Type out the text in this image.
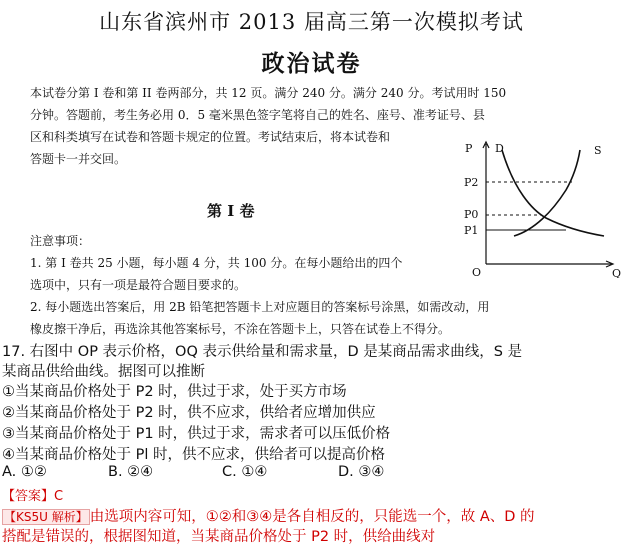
山东省滨州市 2013 届高三第一次模拟考试
政治试卷
本试卷分第 I 卷和第 II 卷两部分，共 12 页。满分 240 分。满分 240 分。考试用时 150
分钟。答题前，考生务必用 0．5 毫米黑色签字笔将自己的姓名、座号、准考证号、县
区和科类填写在试卷和答题卡规定的位置。考试结束后，将本试卷和
答题卡一并交回。
第 I 卷
注意事项：
1. 第 I 卷共 25 小题，每小题 4 分，共 100 分。在每小题给出的四个
选项中，只有一项是最符合题目要求的。
2. 每小题选出答案后，用 2B 铅笔把答题卡上对应题目的答案标号涂黑，如需改动，用
橡皮擦干净后，再选涂其他答案标号，不涂在答题卡上，只答在试卷上不得分。
P D	S
P2
P0
P1
O	Q
17. 右图中 OP 表示价格，OQ 表示供给量和需求量，D 是某商品需求曲线，S 是
某商品供给曲线。据图可以推断
①当某商品价格处于 P2 时，供过于求，处于买方市场
②当某商品价格处于 P2 时，供不应求，供给者应增加供应
③当某商品价格处于 P1 时，供过于求，需求者可以压低价格
④当某商品价格处于 Pl 时，供不应求，供给者可以提高价格
A. ①②	B. ②④	C. ①④	D. ③④
【答案】C
【KS5U 解析】 由选项内容可知，①②和③④是各自相反的，只能选一个，故 A、D 的
搭配是错误的，根据图知道，当某商品价格处于 P2 时，供给曲线对
